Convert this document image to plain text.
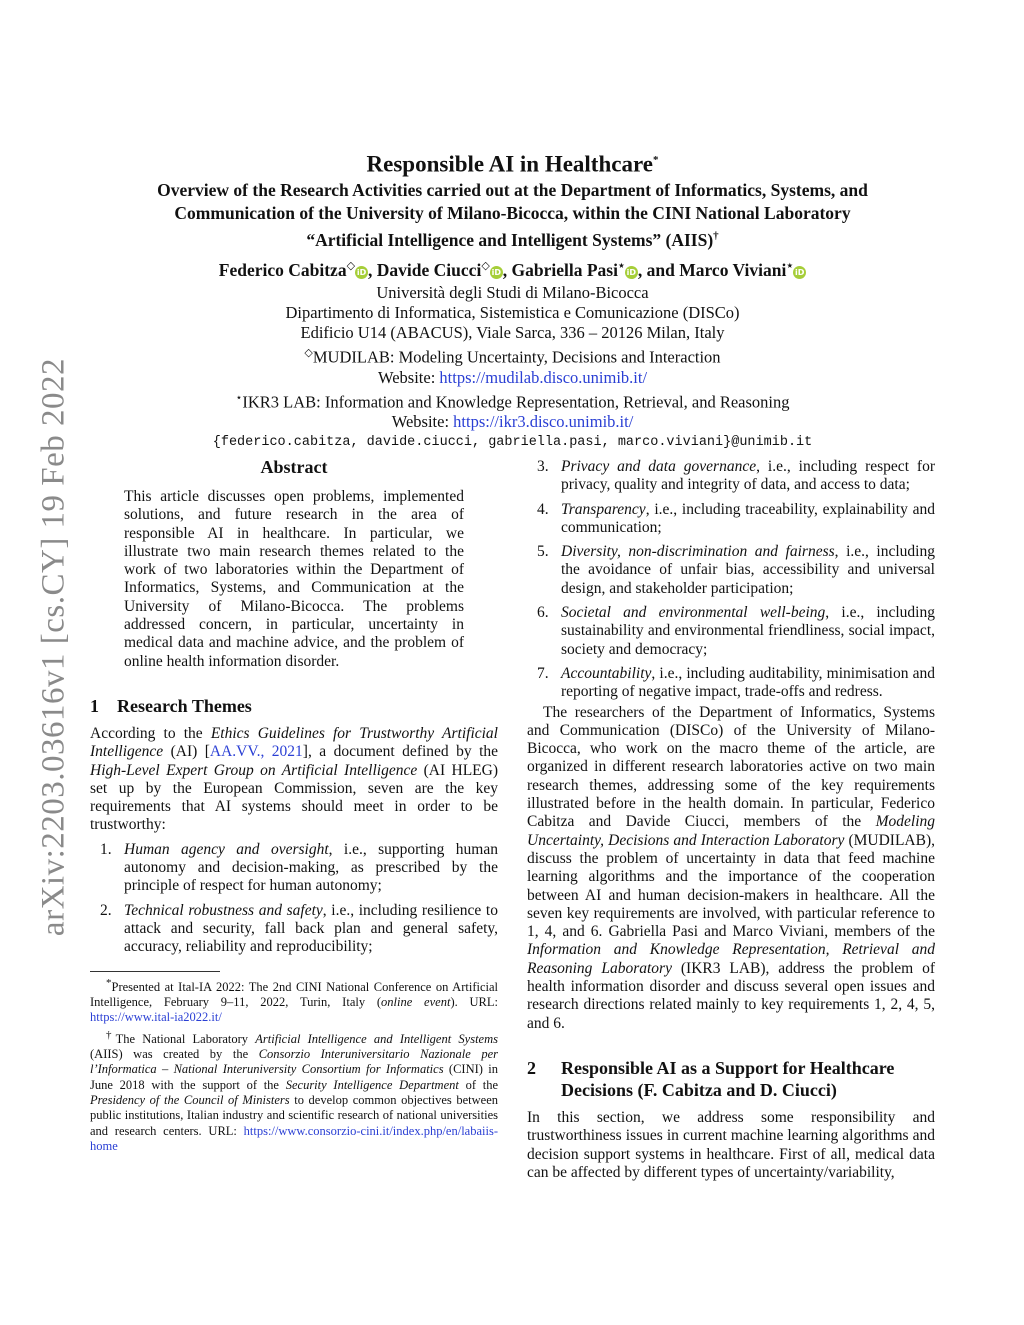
arXiv:2203.03616v1 [cs.CY] 19 Feb 2022
Responsible AI in Healthcare*
Overview of the Research Activities carried out at the Department of Informatics, Systems, and
Communication of the University of Milano-Bicocca, within the CINI National Laboratory
“Artificial Intelligence and Intelligent Systems” (AIIS)†
Federico Cabitza◇iD , Davide Ciucci◇iD , Gabriella Pasi⋆iD , and Marco Viviani⋆iD
Università degli Studi di Milano-Bicocca
Dipartimento di Informatica, Sistemistica e Comunicazione (DISCo)
Edificio U14 (ABACUS), Viale Sarca, 336 – 20126 Milan, Italy
◇MUDILAB: Modeling Uncertainty, Decisions and Interaction
Website: https://mudilab.disco.unimib.it/
⋆IKR3 LAB: Information and Knowledge Representation, Retrieval, and Reasoning
Website: https://ikr3.disco.unimib.it/
{federico.cabitza, davide.ciucci, gabriella.pasi, marco.viviani}@unimib.it
Abstract

This article discusses open problems, implemented solutions, and future research in the area of responsible AI in healthcare. In particular, we illustrate two main research themes related to the work of two laboratories within the Department of Informatics, Systems, and Communication at the University of Milano-Bicocca. The problems addressed concern, in particular, uncertainty in medical data and machine advice, and the problem of online health information disorder.

1 Research Themes

According to the Ethics Guidelines for Trustworthy Artificial Intelligence (AI) [AA.VV., 2021], a document defined by the High-Level Expert Group on Artificial Intelligence (AI HLEG) set up by the European Commission, seven are the key requirements that AI systems should meet in order to be trustworthy:

1. Human agency and oversight, i.e., supporting human autonomy and decision-making, as prescribed by the principle of respect for human autonomy;
2. Technical robustness and safety, i.e., including resilience to attack and security, fall back plan and general safety, accuracy, reliability and reproducibility;

*Presented at Ital-IA 2022: The 2nd CINI National Conference on Artificial Intelligence, February 9–11, 2022, Turin, Italy (online event). URL: https://www.ital-ia2022.it/

†The National Laboratory Artificial Intelligence and Intelligent Systems (AIIS) was created by the Consorzio Interuniversitario Nazionale per l’Informatica – National Interuniversity Consortium for Informatics (CINI) in June 2018 with the support of the Security Intelligence Department of the Presidency of the Council of Ministers to develop common objectives between public institutions, Italian industry and scientific research of national universities and research centers. URL: https://www.consorzio-cini.it/index.php/en/labaiis-home

3. Privacy and data governance, i.e., including respect for privacy, quality and integrity of data, and access to data;
4. Transparency, i.e., including traceability, explainability and communication;
5. Diversity, non-discrimination and fairness, i.e., including the avoidance of unfair bias, accessibility and universal design, and stakeholder participation;
6. Societal and environmental well-being, i.e., including sustainability and environmental friendliness, social impact, society and democracy;
7. Accountability, i.e., including auditability, minimisation and reporting of negative impact, trade-offs and redress.

The researchers of the Department of Informatics, Systems and Communication (DISCo) of the University of Milano-Bicocca, who work on the macro theme of the article, are organized in different research laboratories active on two main research themes, addressing some of the key requirements illustrated before in the health domain. In particular, Federico Cabitza and Davide Ciucci, members of the Modeling Uncertainty, Decisions and Interaction Laboratory (MUDILAB), discuss the problem of uncertainty in data that feed machine learning algorithms and the importance of the cooperation between AI and human decision-makers in healthcare. All the seven key requirements are involved, with particular reference to 1, 4, and 6. Gabriella Pasi and Marco Viviani, members of the Information and Knowledge Representation, Retrieval and Reasoning Laboratory (IKR3 LAB), address the problem of health information disorder and discuss several open issues and research directions related mainly to key requirements 1, 2, 4, 5, and 6.

2	Responsible AI as a Support for Healthcare Decisions (F. Cabitza and D. Ciucci)

In this section, we address some responsibility and trustworthiness issues in current machine learning algorithms and decision support systems in healthcare. First of all, medical data can be affected by different types of uncertainty/variability,
